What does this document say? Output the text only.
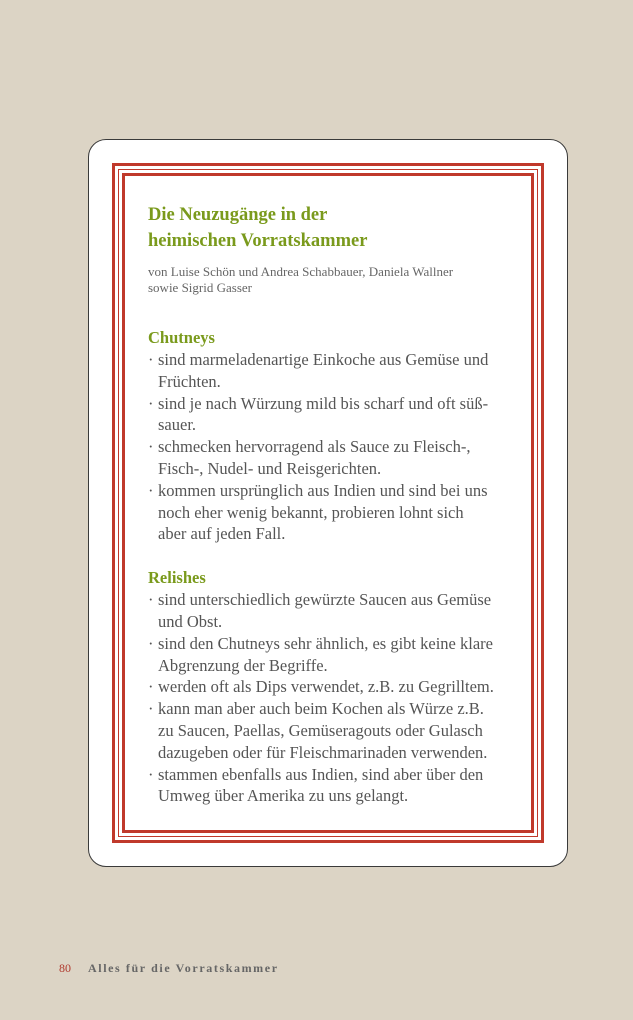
Die Neuzugänge in der
heimischen Vorratskammer

von Luise Schön und Andrea Schabbauer, Daniela Wallner
sowie Sigrid Gasser

Chutneys
· sind marmeladenartige Einkoche aus Gemüse und
Früchten.
· sind je nach Würzung mild bis scharf und oft süß-
sauer.
· schmecken hervorragend als Sauce zu Fleisch-,
Fisch-, Nudel- und Reisgerichten.
· kommen ursprünglich aus Indien und sind bei uns
noch eher wenig bekannt, probieren lohnt sich
aber auf jeden Fall.
Relishes
· sind unterschiedlich gewürzte Saucen aus Gemüse
und Obst.
· sind den Chutneys sehr ähnlich, es gibt keine klare
Abgrenzung der Begriffe.
· werden oft als Dips verwendet, z.B. zu Gegrilltem.
· kann man aber auch beim Kochen als Würze z.B.
zu Saucen, Paellas, Gemüseragouts oder Gulasch
dazugeben oder für Fleischmarinaden verwenden.
· stammen ebenfalls aus Indien, sind aber über den
Umweg über Amerika zu uns gelangt.
80 Alles für die Vorratskammer
